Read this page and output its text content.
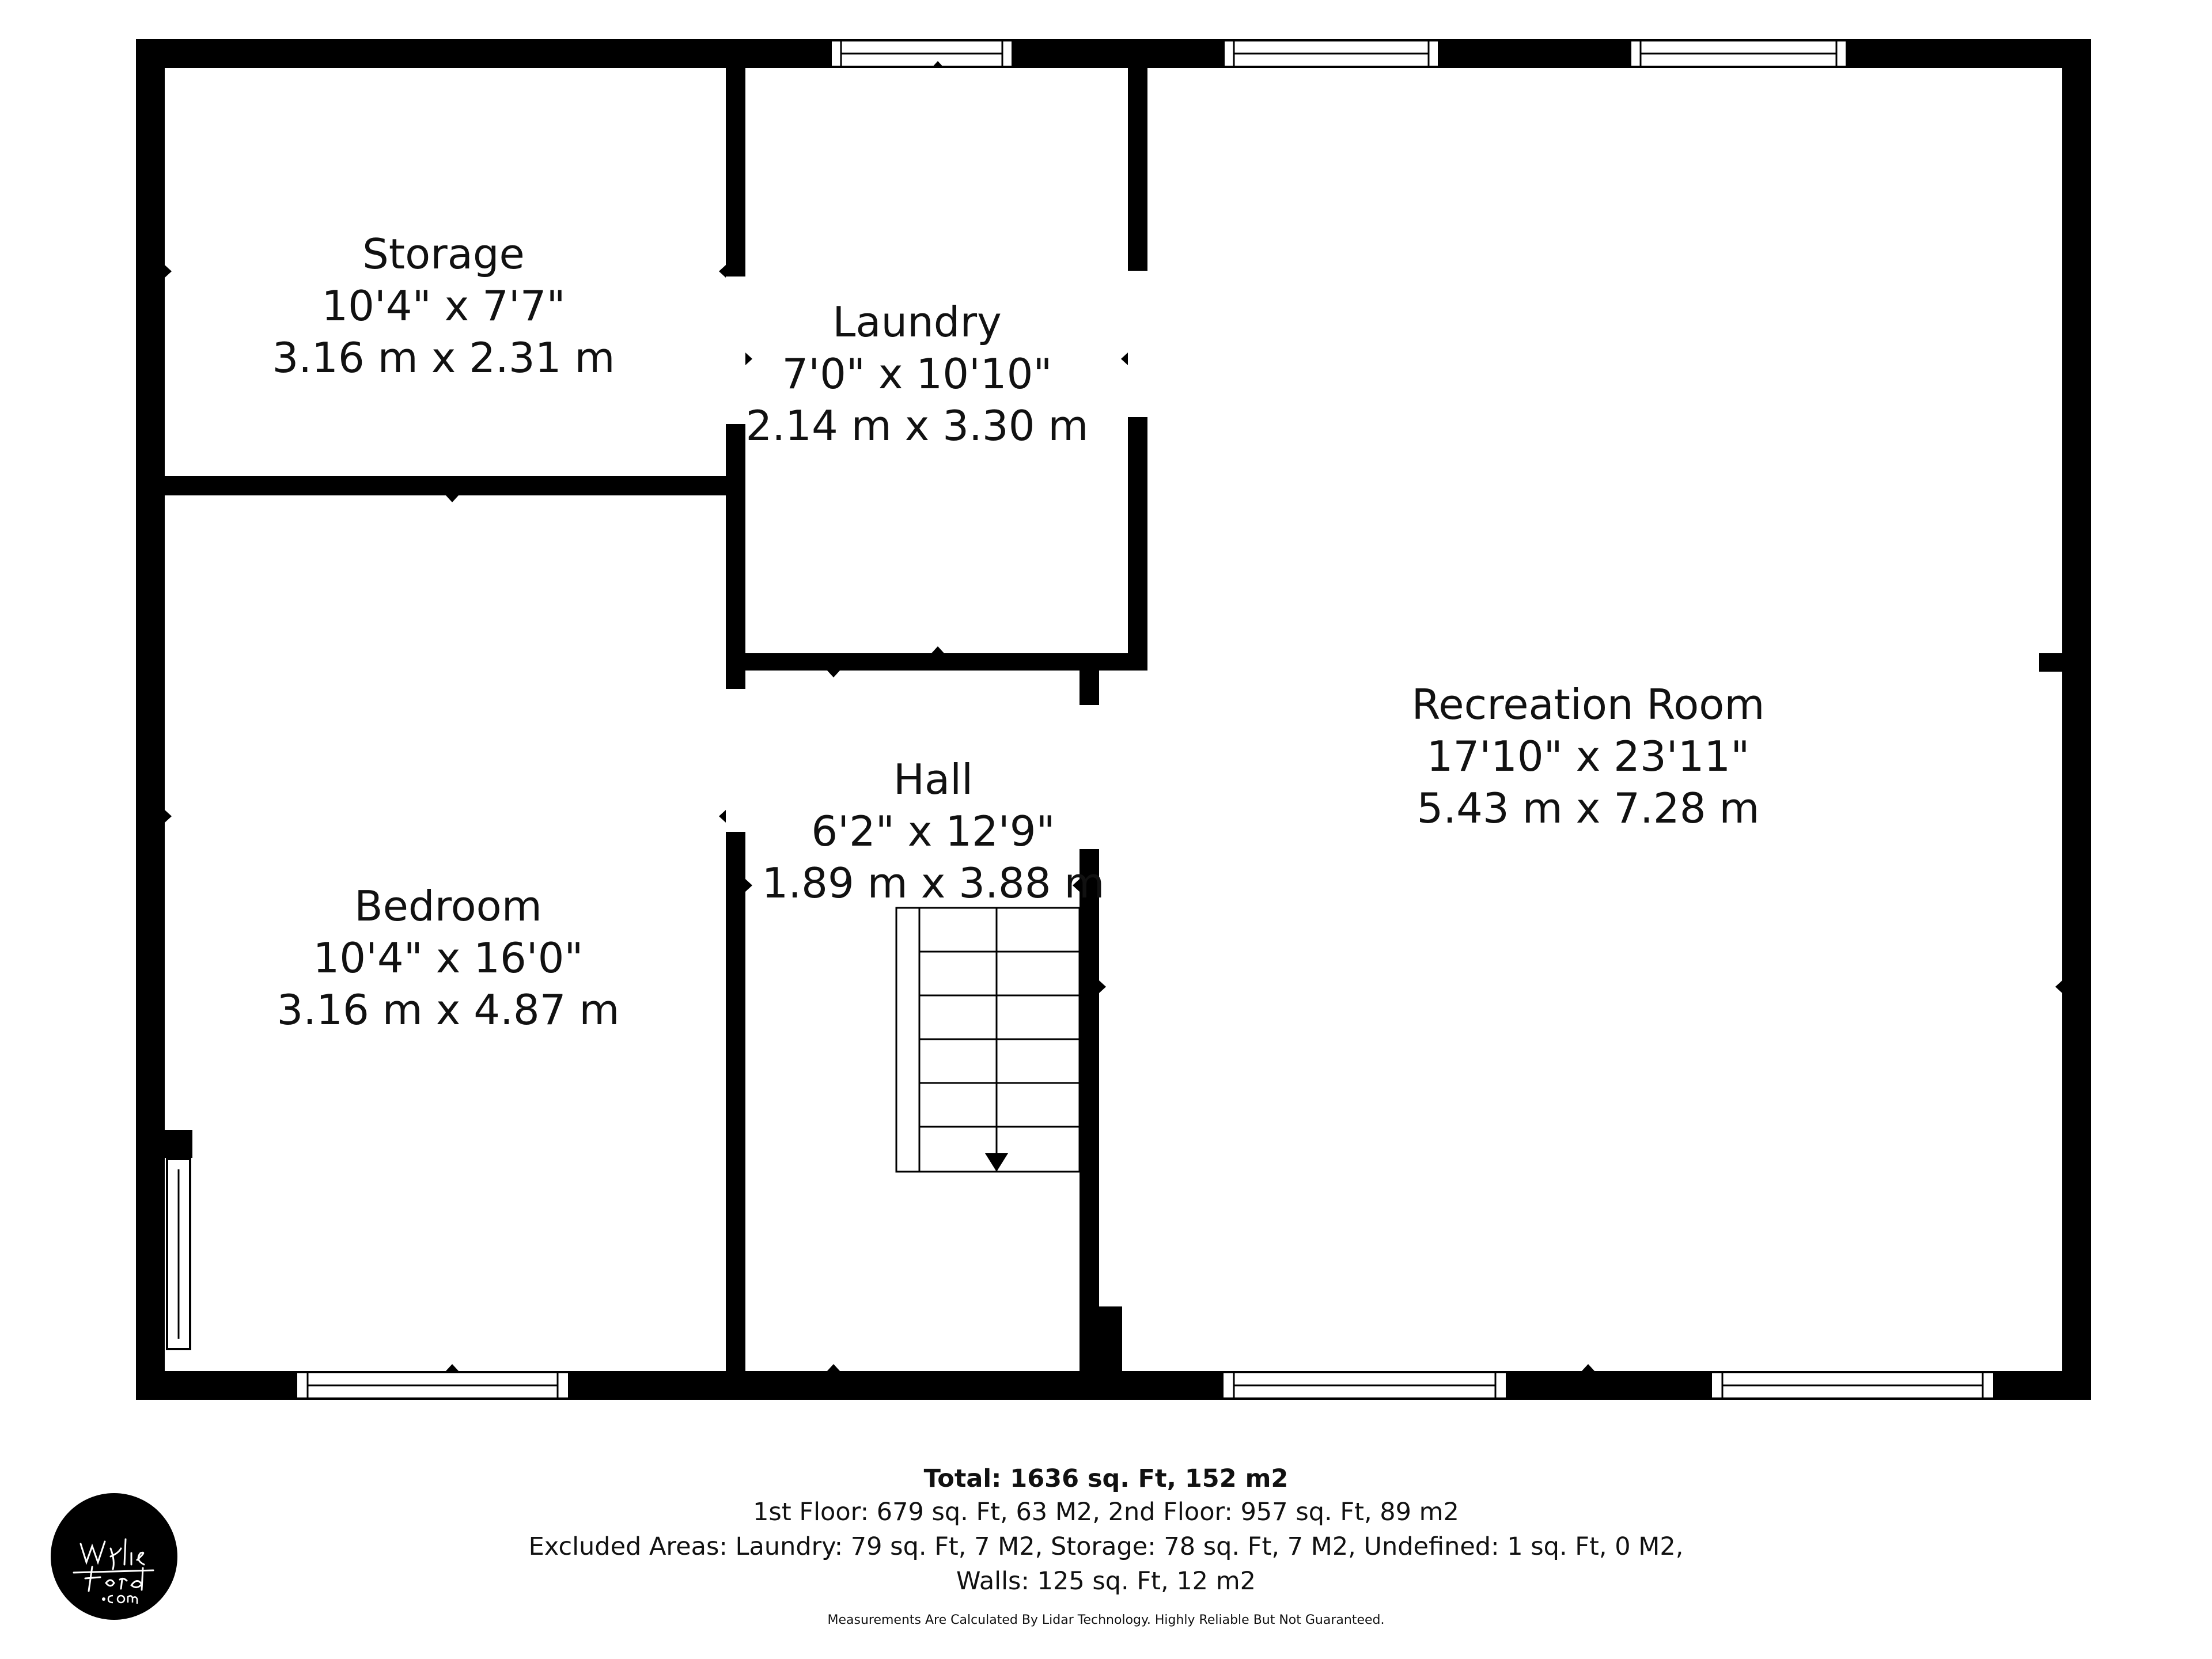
Storage
10'4" x 7'7"
3.16 m x 2.31 m
Laundry
7'0" x 10'10"
2.14 m x 3.30 m
Hall
6'2" x 12'9"
1.89 m x 3.88 m
Bedroom
10'4" x 16'0"
3.16 m x 4.87 m
Recreation Room
17'10" x 23'11"
5.43 m x 7.28 m
Total: 1636 sq. Ft, 152 m2
1st Floor: 679 sq. Ft, 63 M2, 2nd Floor: 957 sq. Ft, 89 m2
Excluded Areas: Laundry: 79 sq. Ft, 7 M2, Storage: 78 sq. Ft, 7 M2, Undefined: 1 sq. Ft, 0 M2,
Walls: 125 sq. Ft, 12 m2
Measurements Are Calculated By Lidar Technology. Highly Reliable But Not Guaranteed.
